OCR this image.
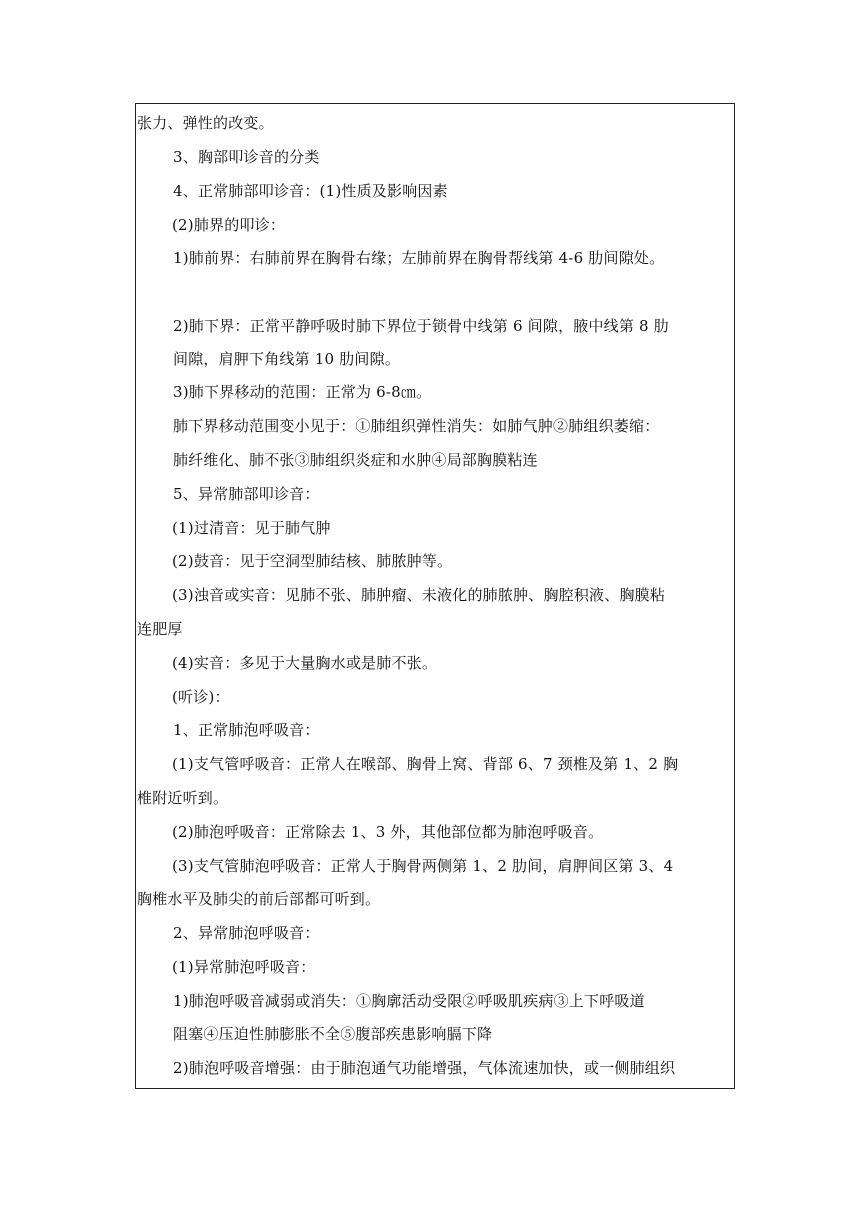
张力、弹性的改变。
3、胸部叩诊音的分类
4、正常肺部叩诊音：(1)性质及影响因素
(2)肺界的叩诊：
1)肺前界：右肺前界在胸骨右缘；左肺前界在胸骨帮线第 4-6 肋间隙处。
2)肺下界：正常平静呼吸时肺下界位于锁骨中线第 6 间隙，腋中线第 8 肋
间隙，肩胛下角线第 10 肋间隙。
3)肺下界移动的范围：正常为 6-8㎝。
肺下界移动范围变小见于：①肺组织弹性消失：如肺气肿②肺组织萎缩：
肺纤维化、肺不张③肺组织炎症和水肿④局部胸膜粘连
5、异常肺部叩诊音：
(1)过清音：见于肺气肿
(2)鼓音：见于空洞型肺结核、肺脓肿等。
(3)浊音或实音：见肺不张、肺肿瘤、未液化的肺脓肿、胸腔积液、胸膜粘
连肥厚
(4)实音：多见于大量胸水或是肺不张。
(听诊)：
1、正常肺泡呼吸音：
(1)支气管呼吸音：正常人在喉部、胸骨上窝、背部 6、7 颈椎及第 1、2 胸
椎附近听到。
(2)肺泡呼吸音：正常除去 1、3 外，其他部位都为肺泡呼吸音。
(3)支气管肺泡呼吸音：正常人于胸骨两侧第 1、2 肋间，肩胛间区第 3、4
胸椎水平及肺尖的前后部都可听到。
2、异常肺泡呼吸音：
(1)异常肺泡呼吸音：
1)肺泡呼吸音减弱或消失：①胸廓活动受限②呼吸肌疾病③上下呼吸道
阻塞④压迫性肺膨胀不全⑤腹部疾患影响膈下降
2)肺泡呼吸音增强：由于肺泡通气功能增强，气体流速加快，或一侧肺组织
